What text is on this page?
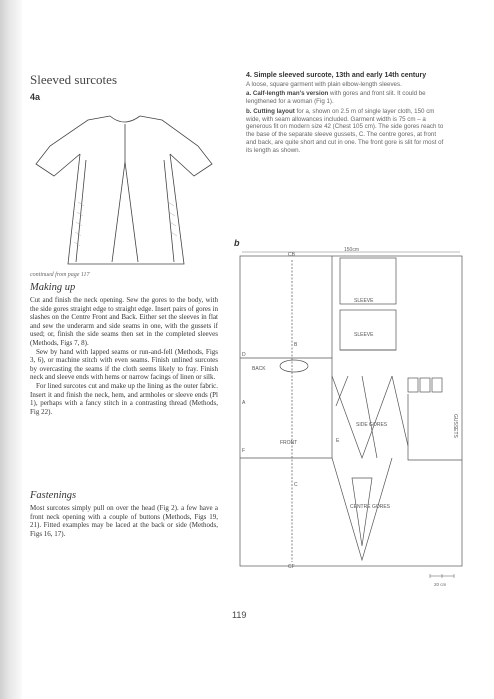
Sleeved surcotes
4a
continued from page 117
Making up

Cut and finish the neck opening. Sew the gores to the body, with the side gores straight edge to straight edge. Insert pairs of gores in slashes on the Centre Front and Back. Either set the sleeves in flat and sew the underarm and side seams in one, with the gussets if used; or, finish the side seams then set in the completed sleeves (Methods, Figs 7, 8).

Sew by hand with lapped seams or run-and-fell (Methods, Figs 3, 6), or machine stitch with even seams. Finish unlined surcotes by overcasting the seams if the cloth seems likely to fray. Finish neck and sleeve ends with hems or narrow facings of linen or silk.

For lined surcotes cut and make up the lining as the outer fabric. Insert it and finish the neck, hem, and armholes or sleeve ends (Pl 1), perhaps with a fancy stitch in a contrasting thread (Methods, Fig 22).

Fastenings

Most surcotes simply pull on over the head (Fig 2). a few have a front neck opening with a couple of buttons (Methods, Figs 19, 21). Fitted examples may be laced at the back or side (Methods, Figs 16, 17).

4. Simple sleeved surcote, 13th and early 14th century

A loose, square garment with plain elbow-length sleeves.

a. Calf-length man's version with gores and front slit. It could be lengthened for a woman (Fig 1).

b. Cutting layout for a, shown on 2.5 m of single layer cloth, 150 cm wide, with seam allowances included. Garment width is 75 cm – a generous fit on modern size 42 (Chest 105 cm). The side gores reach to the base of the separate sleeve gussets, C. The centre gores, at front and back, are quite short and cut in one. The front gore is slit for most of its length as shown.

b
150cm
CB
CF
BACK
FRONT
SLEEVE
SLEEVE
SIDE GORES
CENTRE GORES
GUSSETS
A
B
C
D
E
F
20 cm
119
